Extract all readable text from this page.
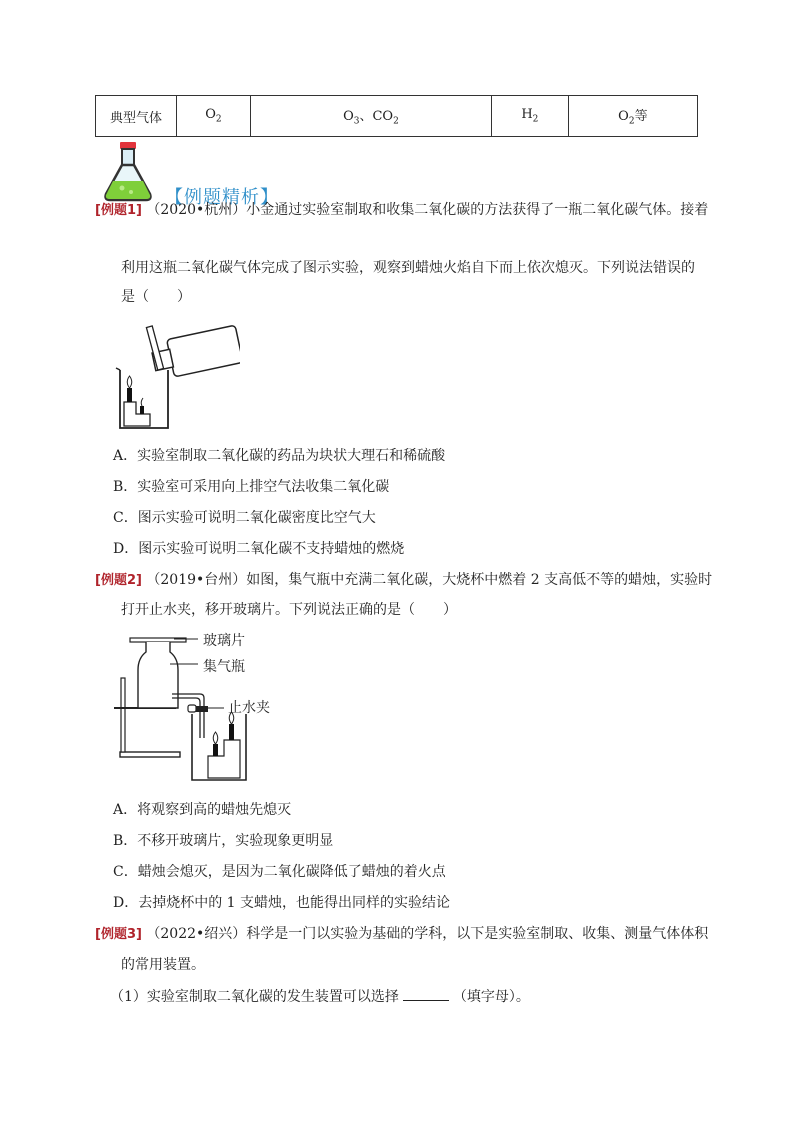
典型气体	$O_2$	$O_3$、$CO_2$	$H_2$	$O_2$等
【例题精析】
[例题1] （2020•杭州）小金通过实验室制取和收集二氧化碳的方法获得了一瓶二氧化碳气体。接着
利用这瓶二氧化碳气体完成了图示实验，观察到蜡烛火焰自下而上依次熄灭。下列说法错误的
是（　　）
A．实验室制取二氧化碳的药品为块状大理石和稀硫酸
B．实验室可采用向上排空气法收集二氧化碳
C．图示实验可说明二氧化碳密度比空气大
D．图示实验可说明二氧化碳不支持蜡烛的燃烧
[例题2] （2019•台州）如图，集气瓶中充满二氧化碳，大烧杯中燃着 2 支高低不等的蜡烛，实验时
打开止水夹，移开玻璃片。下列说法正确的是（　　）
玻璃片
集气瓶
止水夹
A．将观察到高的蜡烛先熄灭
B．不移开玻璃片，实验现象更明显
C．蜡烛会熄灭，是因为二氧化碳降低了蜡烛的着火点
D．去掉烧杯中的 1 支蜡烛，也能得出同样的实验结论
[例题3] （2022•绍兴）科学是一门以实验为基础的学科，以下是实验室制取、收集、测量气体体积
的常用装置。
（1）实验室制取二氧化碳的发生装置可以选择	（填字母）。
